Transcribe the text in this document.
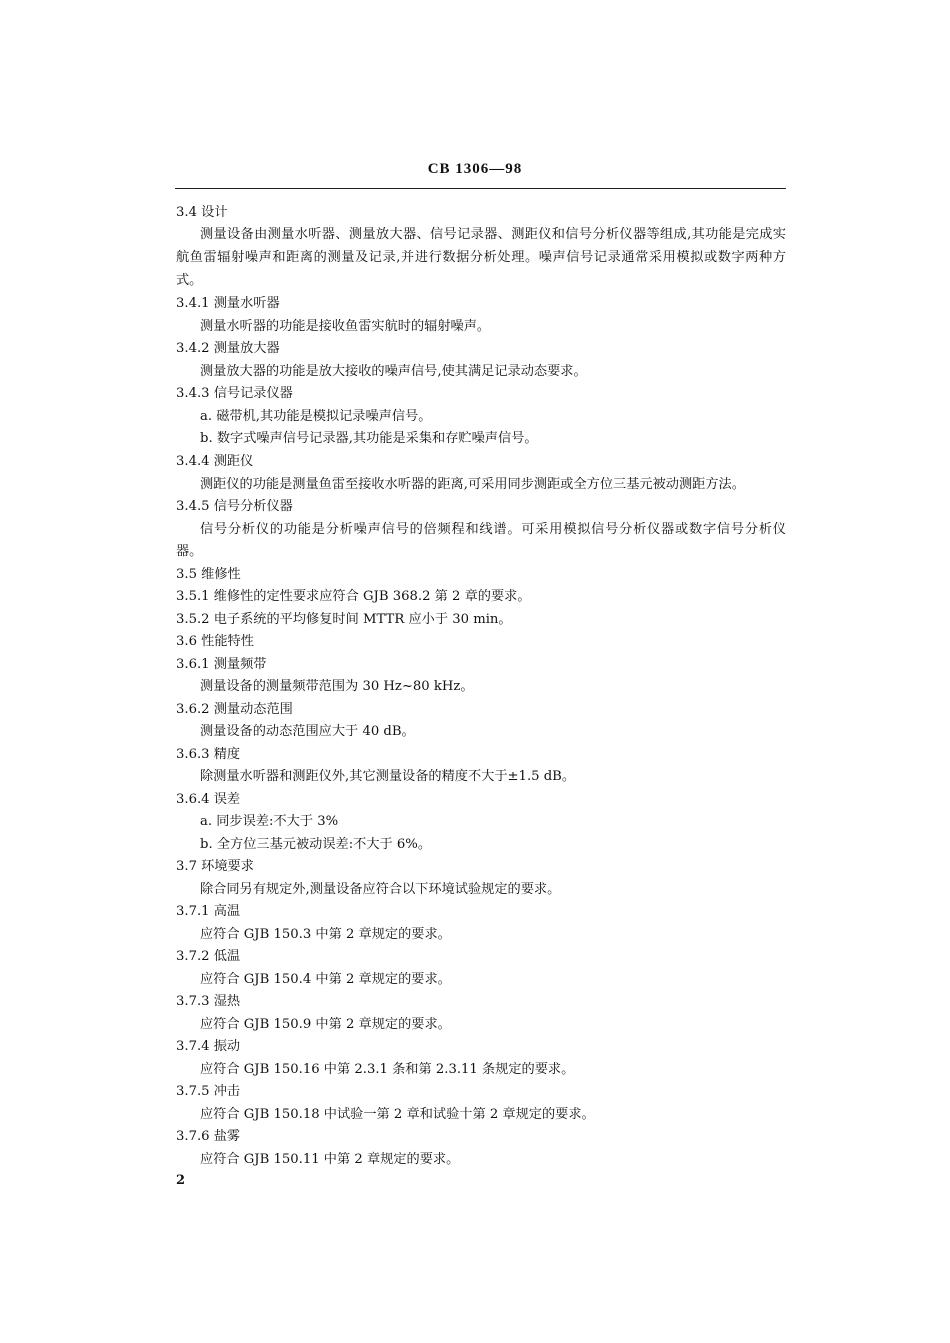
CB 1306—98
3.4 设计
测量设备由测量水听器、测量放大器、信号记录器、测距仪和信号分析仪器等组成,其功能是完成实
航鱼雷辐射噪声和距离的测量及记录,并进行数据分析处理。噪声信号记录通常采用模拟或数字两种方
式。
3.4.1 测量水听器
测量水听器的功能是接收鱼雷实航时的辐射噪声。
3.4.2 测量放大器
测量放大器的功能是放大接收的噪声信号,使其满足记录动态要求。
3.4.3 信号记录仪器
a. 磁带机,其功能是模拟记录噪声信号。
b. 数字式噪声信号记录器,其功能是采集和存贮噪声信号。
3.4.4 测距仪
测距仪的功能是测量鱼雷至接收水听器的距离,可采用同步测距或全方位三基元被动测距方法。
3.4.5 信号分析仪器
信号分析仪的功能是分析噪声信号的倍频程和线谱。可采用模拟信号分析仪器或数字信号分析仪
器。
3.5 维修性
3.5.1 维修性的定性要求应符合 GJB 368.2 第 2 章的要求。
3.5.2 电子系统的平均修复时间 MTTR 应小于 30 min。
3.6 性能特性
3.6.1 测量频带
测量设备的测量频带范围为 30 Hz~80 kHz。
3.6.2 测量动态范围
测量设备的动态范围应大于 40 dB。
3.6.3 精度
除测量水听器和测距仪外,其它测量设备的精度不大于±1.5 dB。
3.6.4 误差
a. 同步误差:不大于 3%
b. 全方位三基元被动误差:不大于 6%。
3.7 环境要求
除合同另有规定外,测量设备应符合以下环境试验规定的要求。
3.7.1 高温
应符合 GJB 150.3 中第 2 章规定的要求。
3.7.2 低温
应符合 GJB 150.4 中第 2 章规定的要求。
3.7.3 湿热
应符合 GJB 150.9 中第 2 章规定的要求。
3.7.4 振动
应符合 GJB 150.16 中第 2.3.1 条和第 2.3.11 条规定的要求。
3.7.5 冲击
应符合 GJB 150.18 中试验一第 2 章和试验十第 2 章规定的要求。
3.7.6 盐雾
应符合 GJB 150.11 中第 2 章规定的要求。
2
